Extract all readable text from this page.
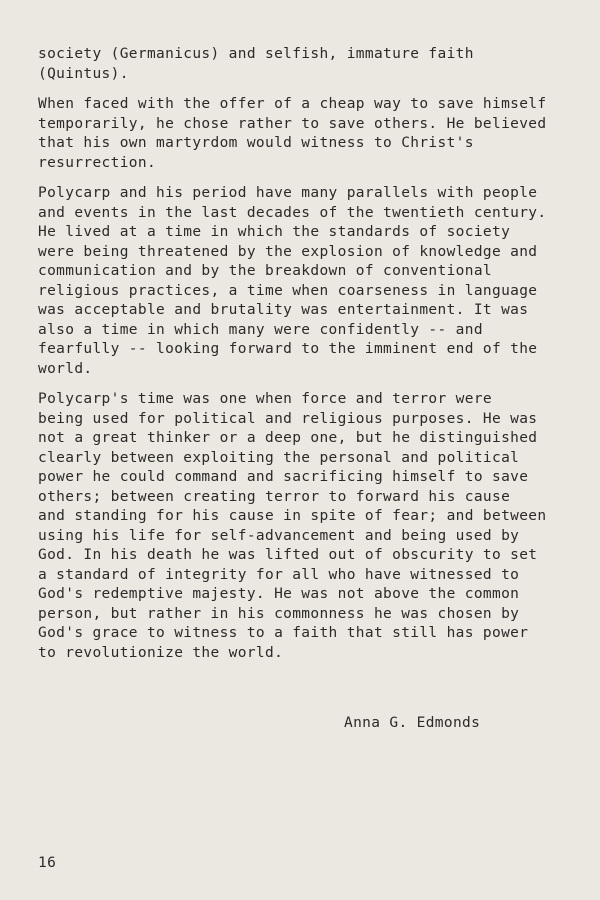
society (Germanicus) and selfish, immature faith
(Quintus).

When faced with the offer of a cheap way to save himself
temporarily, he chose rather to save others. He believed
that his own martyrdom would witness to Christ's
resurrection.

Polycarp and his period have many parallels with people
and events in the last decades of the twentieth century.
He lived at a time in which the standards of society
were being threatened by the explosion of knowledge and
communication and by the breakdown of conventional
religious practices, a time when coarseness in language
was acceptable and brutality was entertainment. It was
also a time in which many were confidently -- and
fearfully -- looking forward to the imminent end of the
world.

Polycarp's time was one when force and terror were
being used for political and religious purposes. He was
not a great thinker or a deep one, but he distinguished
clearly between exploiting the personal and political
power he could command and sacrificing himself to save
others; between creating terror to forward his cause
and standing for his cause in spite of fear; and between
using his life for self-advancement and being used by
God. In his death he was lifted out of obscurity to set
a standard of integrity for all who have witnessed to
God's redemptive majesty. He was not above the common
person, but rather in his commonness he was chosen by
God's grace to witness to a faith that still has power
to revolutionize the world.

Anna G. Edmonds
16
